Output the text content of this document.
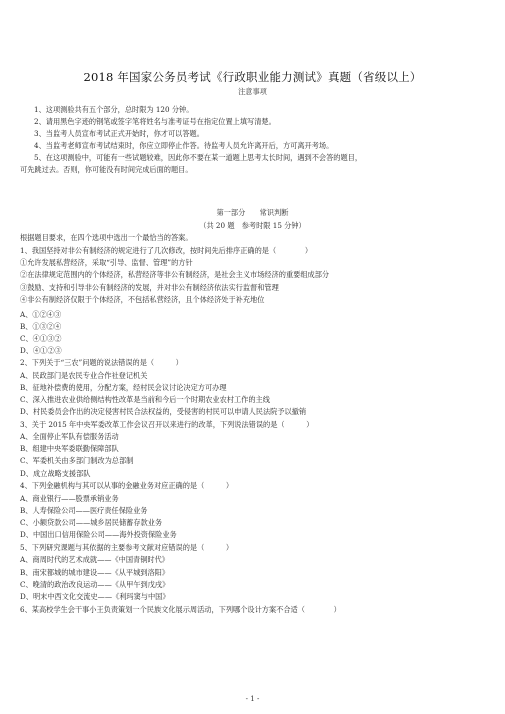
2018 年国家公务员考试《行政职业能力测试》真题（省级以上）
注意事项
1、这项测验共有五个部分，总时限为 120 分钟。
2、请用黑色字迹的钢笔或签字笔将姓名与准考证号在指定位置上填写清楚。
3、当监考人员宣布考试正式开始时，你才可以答题。
4、当监考老师宣布考试结束时，你应立即停止作答。待监考人员允许离开后，方可离开考场。
5、在这项测验中，可能有一些试题较难，因此你不要在某一道题上思考太长时间，遇到不会答的题目，
可先跳过去。否则，你可能没有时间完成后面的题目。
第一部分　　常识判断
（共 20 题　参考时限 15 分钟）
根据题目要求，在四个选项中选出一个最恰当的答案。
1、我国坚持对非公有制经济的规定进行了几次修改，按时间先后排序正确的是（　　　　）
①允许发展私营经济，采取“引导、监督、管理”的方针
②在法律规定范围内的个体经济，私营经济等非公有制经济，是社会主义市场经济的重要组成部分
③鼓励、支持和引导非公有制经济的发展，并对非公有制经济依法实行监督和管理
④非公有制经济仅限于个体经济，不包括私营经济，且个体经济处于补充地位
A、①②④③
B、①③②④
C、④①③②
D、④①②③
2、下列关于“三农”问题的说法错误的是（　　　）
A、民政部门是农民专业合作社登记机关
B、征地补偿费的使用，分配方案，经村民会议讨论决定方可办理
C、深入推进农业供给侧结构性改革是当前和今后一个时期农业农村工作的主线
D、村民委员会作出的决定侵害村民合法权益的，受侵害的村民可以申请人民法院予以撤销
3、关于 2015 年中央军委改革工作会议召开以来进行的改革，下列说法错误的是（　　　）
A、全面停止军队有偿服务活动
B、组建中央军委联勤保障部队
C、军委机关由多部门制改为总部制
D、成立战略支援部队
4、下列金融机构与其可以从事的金融业务对应正确的是（　　　）
A、商业银行——股票承销业务
B、人寿保险公司——医疗责任保险业务
C、小额贷款公司——城乡居民储蓄存款业务
D、中国出口信用保险公司——海外投资保险业务
5、下列研究课题与其依据的主要参考文献对应错误的是（　　　）
A、商周时代的艺术成就——《中国青铜时代》
B、南宋都城的城市建设——《从平城到洛阳》
C、晚清的政治改良运动——《从甲午到戊戌》
D、明末中西文化交流史——《利玛窦与中国》
6、某高校学生会干事小王负责策划一个民族文化展示周活动，下列哪个设计方案不合适（　　　　）
- 1 -
